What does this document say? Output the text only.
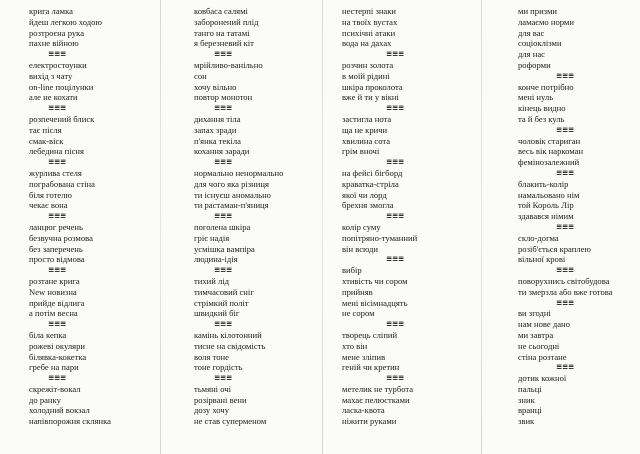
крига ламка
йдеш легкою ходою
розтроєна рука
пахне війною
≡≡≡
електростоунки
вихід з чату
on-line поцілунки
але не кохати
≡≡≡
розпечений блиск
тає після
смак-віск
лебедина пісня
≡≡≡
журлива стеля
пограбована стіна
біля готелю
чекає вона
≡≡≡
ланцюг речень
безвучна розмова
без заперечень
просто відмова
≡≡≡
розтане крига
New новизна
прийде відлига
а потім весна
≡≡≡
біла кепка
рожеві окуляри
білявка-кокетка
гребе на пари
≡≡≡
скрежіт-вокал
до ранку
холодний вокзал
напівпорожня склянка
ковбаса салямі
заборонений плід
танго на татамі
я березневий кіт
≡≡≡
мрійливо-ванільно
сон
хочу вільно
повтор монотон
≡≡≡
дихання тіла
запах зради
п'янка текіла
кохання заради
≡≡≡
нормально ненормально
для чого яка різниця
ти існуєш аномально
ти растаман-п'яниця
≡≡≡
поголена шкіра
гріє надія
усмішка вампіра
людина-ідія
≡≡≡
тихий лід
тимчасовий сніг
стрімкий політ
швидкий біг
≡≡≡
камінь кілотонний
тисне на свідомість
воля тоне
тоне гордість
≡≡≡
тьмяні очі
розірвані вени
дозу хочу
не став суперменом
нестерпі знаки
на твоїх вустах
психічні атаки
вода на дахах
≡≡≡
розчин золота
в моїй рідині
шкіра проколота
вже й ти у вікні
≡≡≡
застигла нота
ща не кричи
хвилина сота
грім вночі
≡≡≡
на фейсі бігборд
краватка-стріла
якої чи лорд
брехня змогла
≡≡≡
колір суму
попітряно-туманний
він всюди
≡≡≡
вибір
хтивість чи сором
прийняв
мені вісімнадцять
не сором
≡≡≡
творець сліпий
хто він
мене зліпив
геній чи кретин
≡≡≡
метелик не турбота
махає пелюстками
ласка-квота
ніжити руками
ми призми
ламаємо норми
для вас
соціоклізми
для нас
роформи
≡≡≡
конче потрібно
мені нуль
кінець видно
та й без куль
≡≡≡
чоловік стариган
весь вік наркоман
фемінозалежний
≡≡≡
блакить-колір
намальовано нім
той Король Лір
здавався німим
≡≡≡
скло-догма
розіб'ється краплею
вільної крові
≡≡≡
поворухнись світобудова
ти змерзла або вже готова
≡≡≡
ви згодні
нам нове дано
ми завтра
не сьогодні
стіна розтане
≡≡≡
дотик кожної
пальці
зник
вранці
звик
